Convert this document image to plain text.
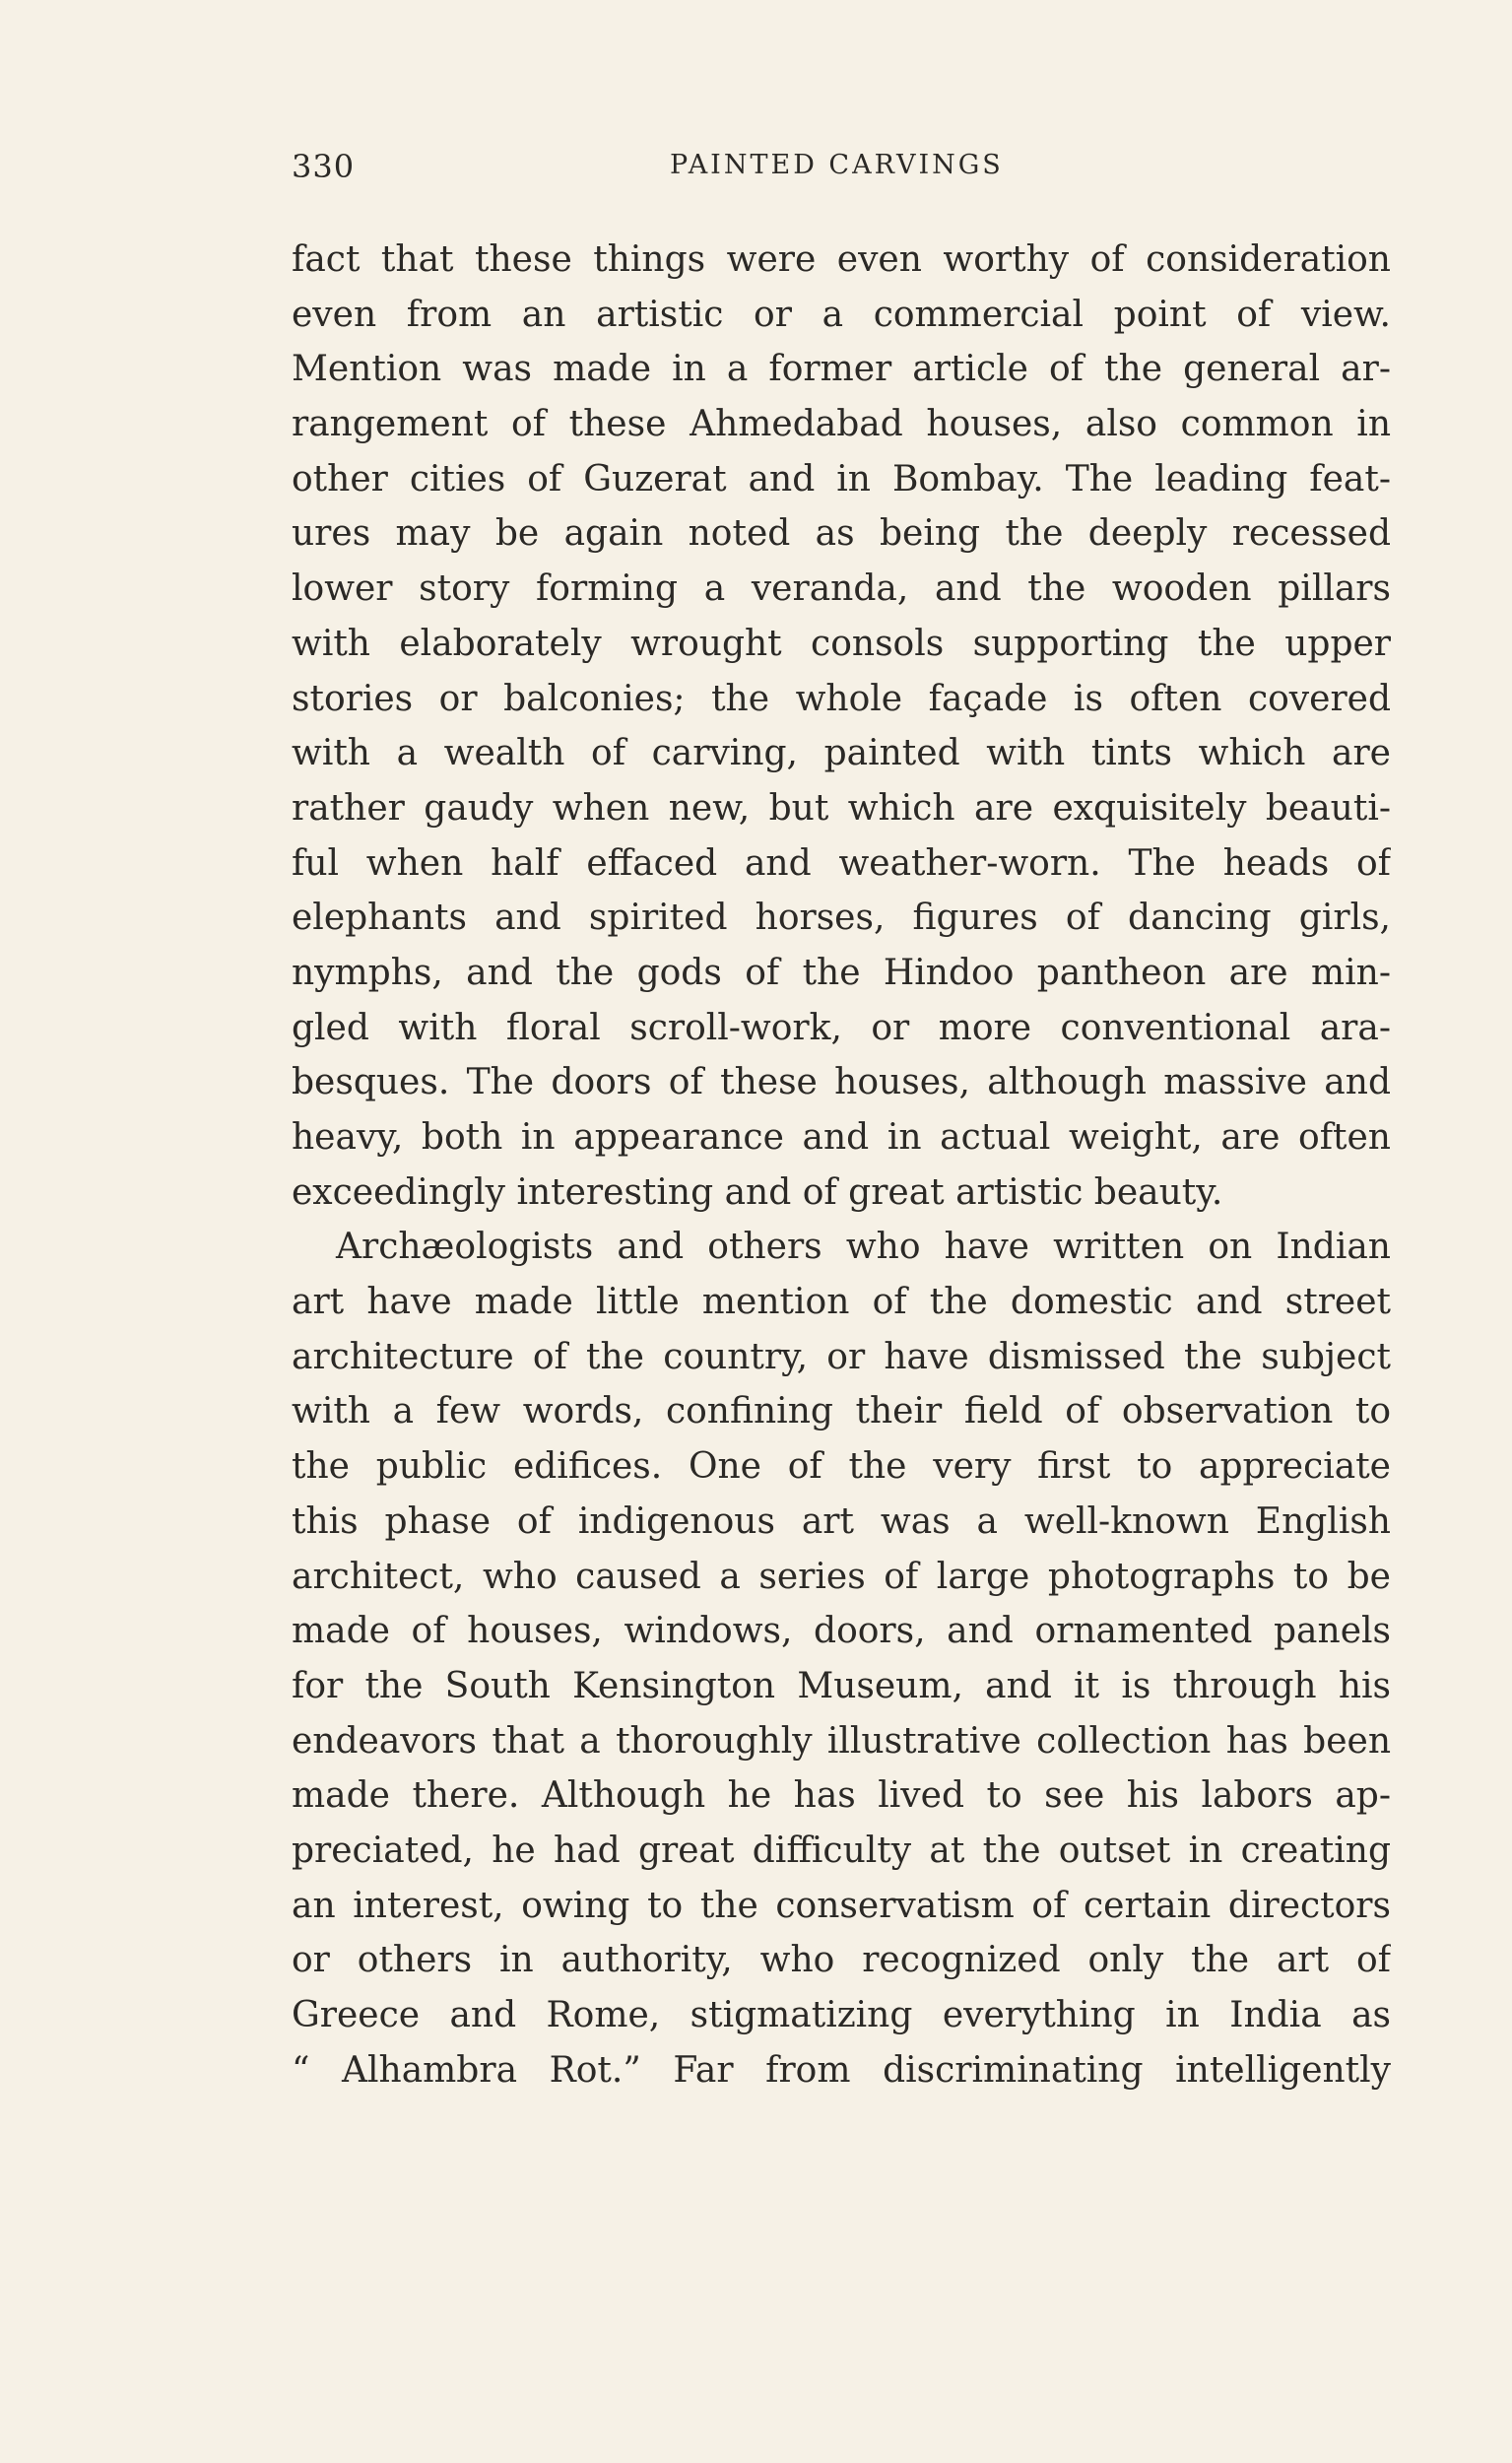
330	PAINTED CARVINGS
fact that these things were even worthy of consideration
even from an artistic or a commercial point of view.
Mention was made in a former article of the general ar-
rangement of these Ahmedabad houses, also common in
other cities of Guzerat and in Bombay. The leading feat-
ures may be again noted as being the deeply recessed
lower story forming a veranda, and the wooden pillars
with elaborately wrought consols supporting the upper
stories or balconies; the whole façade is often covered
with a wealth of carving, painted with tints which are
rather gaudy when new, but which are exquisitely beauti-
ful when half effaced and weather-worn. The heads of
elephants and spirited horses, figures of dancing girls,
nymphs, and the gods of the Hindoo pantheon are min-
gled with floral scroll-work, or more conventional ara-
besques. The doors of these houses, although massive and
heavy, both in appearance and in actual weight, are often
exceedingly interesting and of great artistic beauty.
Archæologists and others who have written on Indian
art have made little mention of the domestic and street
architecture of the country, or have dismissed the subject
with a few words, confining their field of observation to
the public edifices. One of the very first to appreciate
this phase of indigenous art was a well-known English
architect, who caused a series of large photographs to be
made of houses, windows, doors, and ornamented panels
for the South Kensington Museum, and it is through his
endeavors that a thoroughly illustrative collection has been
made there. Although he has lived to see his labors ap-
preciated, he had great difficulty at the outset in creating
an interest, owing to the conservatism of certain directors
or others in authority, who recognized only the art of
Greece and Rome, stigmatizing everything in India as
“ Alhambra Rot.” Far from discriminating intelligently
